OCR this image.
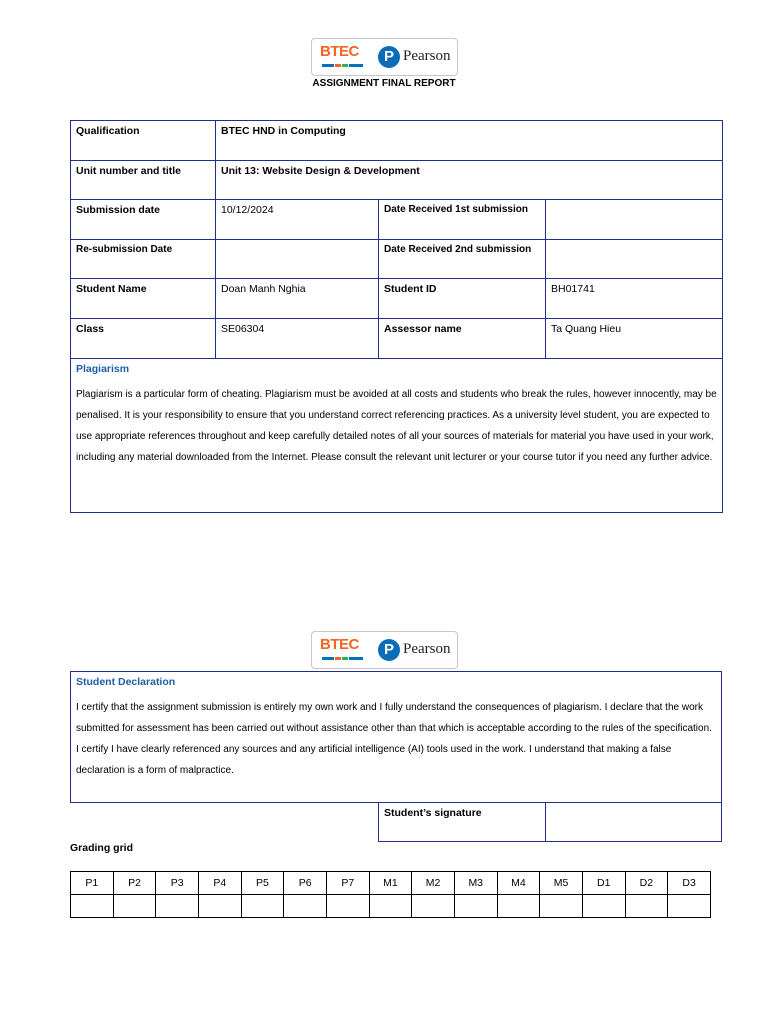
BTEC	P Pearson
ASSIGNMENT FINAL REPORT
Qualification	BTEC HND in Computing		
Unit number and title	Unit 13: Website Design & Development		
Submission date	10/12/2024	Date Received 1st submission	
Re-submission Date		Date Received 2nd submission	
Student Name	Doan Manh Nghia	Student ID	BH01741
Class	SE06304	Assessor name	Ta Quang Hieu

Plagiarism
Plagiarism is a particular form of cheating. Plagiarism must be avoided at all costs and students who break the rules, however innocently, may be penalised. It is your responsibility to ensure that you understand correct referencing practices. As a university level student, you are expected to use appropriate references throughout and keep carefully detailed notes of all your sources of materials for material you have used in your work, including any material downloaded from the Internet. Please consult the relevant unit lecturer or your course tutor if you need any further advice.			
BTEC	P Pearson
Student Declaration
I certify that the assignment submission is entirely my own work and I fully understand the consequences of plagiarism. I declare that the work submitted for assessment has been carried out without assistance other than that which is acceptable according to the rules of the specification. I certify I have clearly referenced any sources and any artificial intelligence (AI) tools used in the work. I understand that making a false declaration is a form of malpractice.
Student’s signature
Grading grid
P1	P2	P3	P4	P5	P6	P7	M1	M2	M3	M4	M5	D1	D2	D3
